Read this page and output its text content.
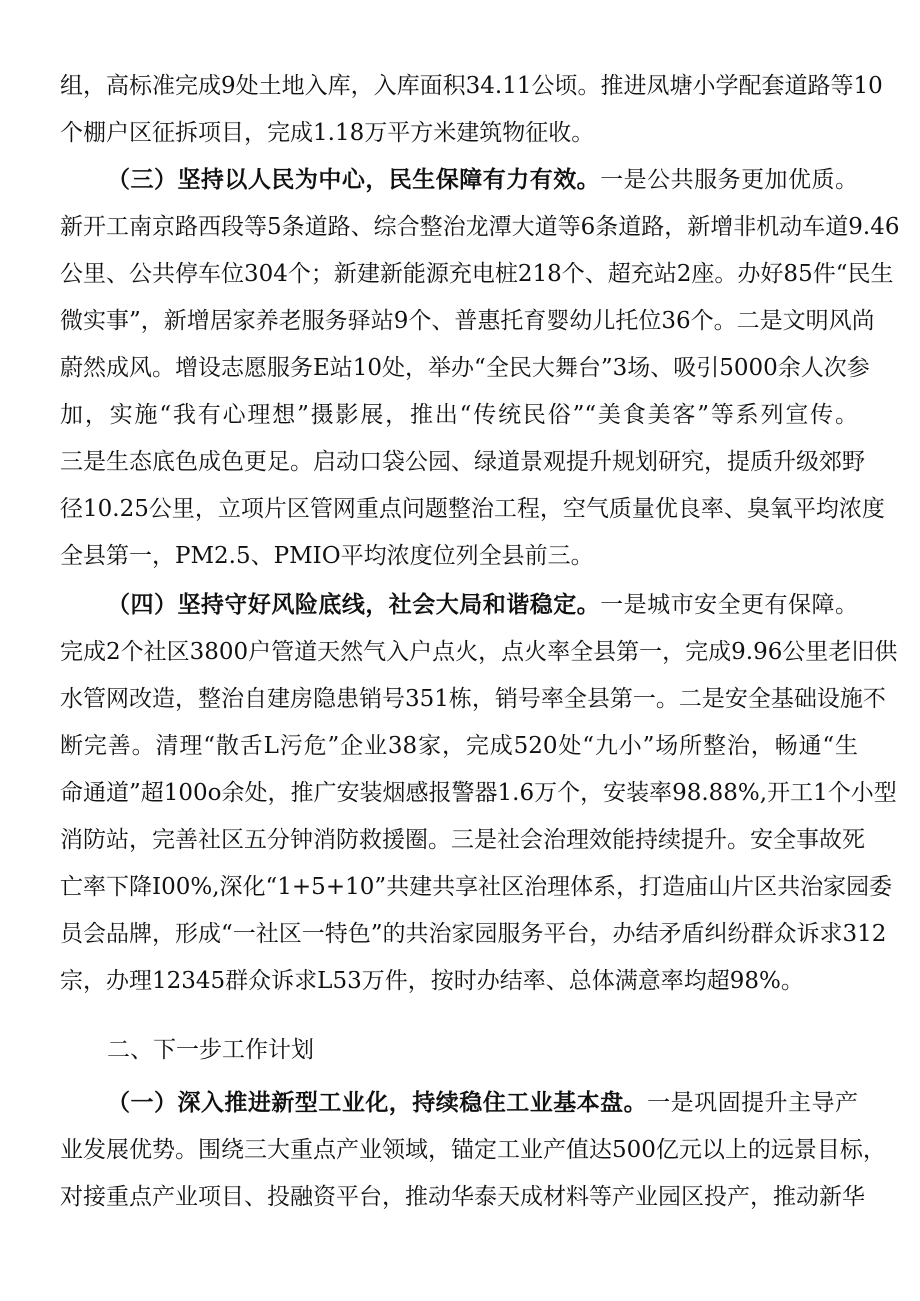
组，高标准完成9处土地入库，入库面积34.11公顷。推进凤塘小学配套道路等10
个棚户区征拆项目，完成1.18万平方米建筑物征收。
（三）坚持以人民为中心，民生保障有力有效。一是公共服务更加优质。
新开工南京路西段等5条道路、综合整治龙潭大道等6条道路，新增非机动车道9.46
公里、公共停车位304个；新建新能源充电桩218个、超充站2座。办好85件“民生
微实事”，新增居家养老服务驿站9个、普惠托育婴幼儿托位36个。二是文明风尚
蔚然成风。增设志愿服务E站10处，举办“全民大舞台”3场、吸引5000余人次参
加，实施“我有心理想”摄影展，推出“传统民俗”“美食美客”等系列宣传。
三是生态底色成色更足。启动口袋公园、绿道景观提升规划研究，提质升级郊野
径10.25公里，立项片区管网重点问题整治工程，空气质量优良率、臭氧平均浓度
全县第一，PM2.5、PMIO平均浓度位列全县前三。
（四）坚持守好风险底线，社会大局和谐稳定。一是城市安全更有保障。
完成2个社区3800户管道天然气入户点火，点火率全县第一，完成9.96公里老旧供
水管网改造，整治自建房隐患销号351栋，销号率全县第一。二是安全基础设施不
断完善。清理“散舌L污危”企业38家，完成520处“九小”场所整治，畅通“生
命通道”超100o余处，推广安装烟感报警器1.6万个，安装率98.88%,开工1个小型
消防站，完善社区五分钟消防救援圈。三是社会治理效能持续提升。安全事故死
亡率下降I00%,深化“1+5+10”共建共享社区治理体系，打造庙山片区共治家园委
员会品牌，形成“一社区一特色”的共治家园服务平台，办结矛盾纠纷群众诉求312
宗，办理12345群众诉求L53万件，按时办结率、总体满意率均超98%。
二、下一步工作计划
（一）深入推进新型工业化，持续稳住工业基本盘。一是巩固提升主导产
业发展优势。围绕三大重点产业领域，锚定工业产值达500亿元以上的远景目标，
对接重点产业项目、投融资平台，推动华泰天成材料等产业园区投产，推动新华
